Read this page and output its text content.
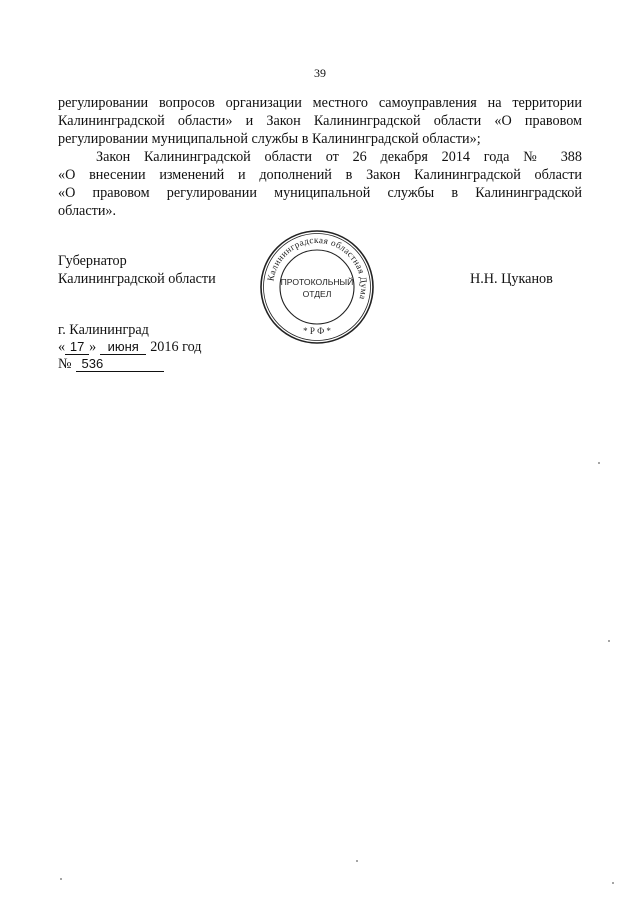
39
регулировании вопросов организации местного самоуправления на территории
Калининградской области» и Закон Калининградской области «О правовом
регулировании муниципальной службы в Калининградской области»;
Закон Калининградской области от 26 декабря 2014 года № 388
«О внесении изменений и дополнений в Закон Калининградской области
«О правовом регулировании муниципальной службы в Калининградской
области».
Губернатор
Калининградской области	Калининградская областная Дума
ПРОТОКОЛЬНЫЙ
ОТДЕЛ
* Р Ф *
Н.Н. Цуканов
г. Калининград
« 17 » июня 2016 год
№ 536
